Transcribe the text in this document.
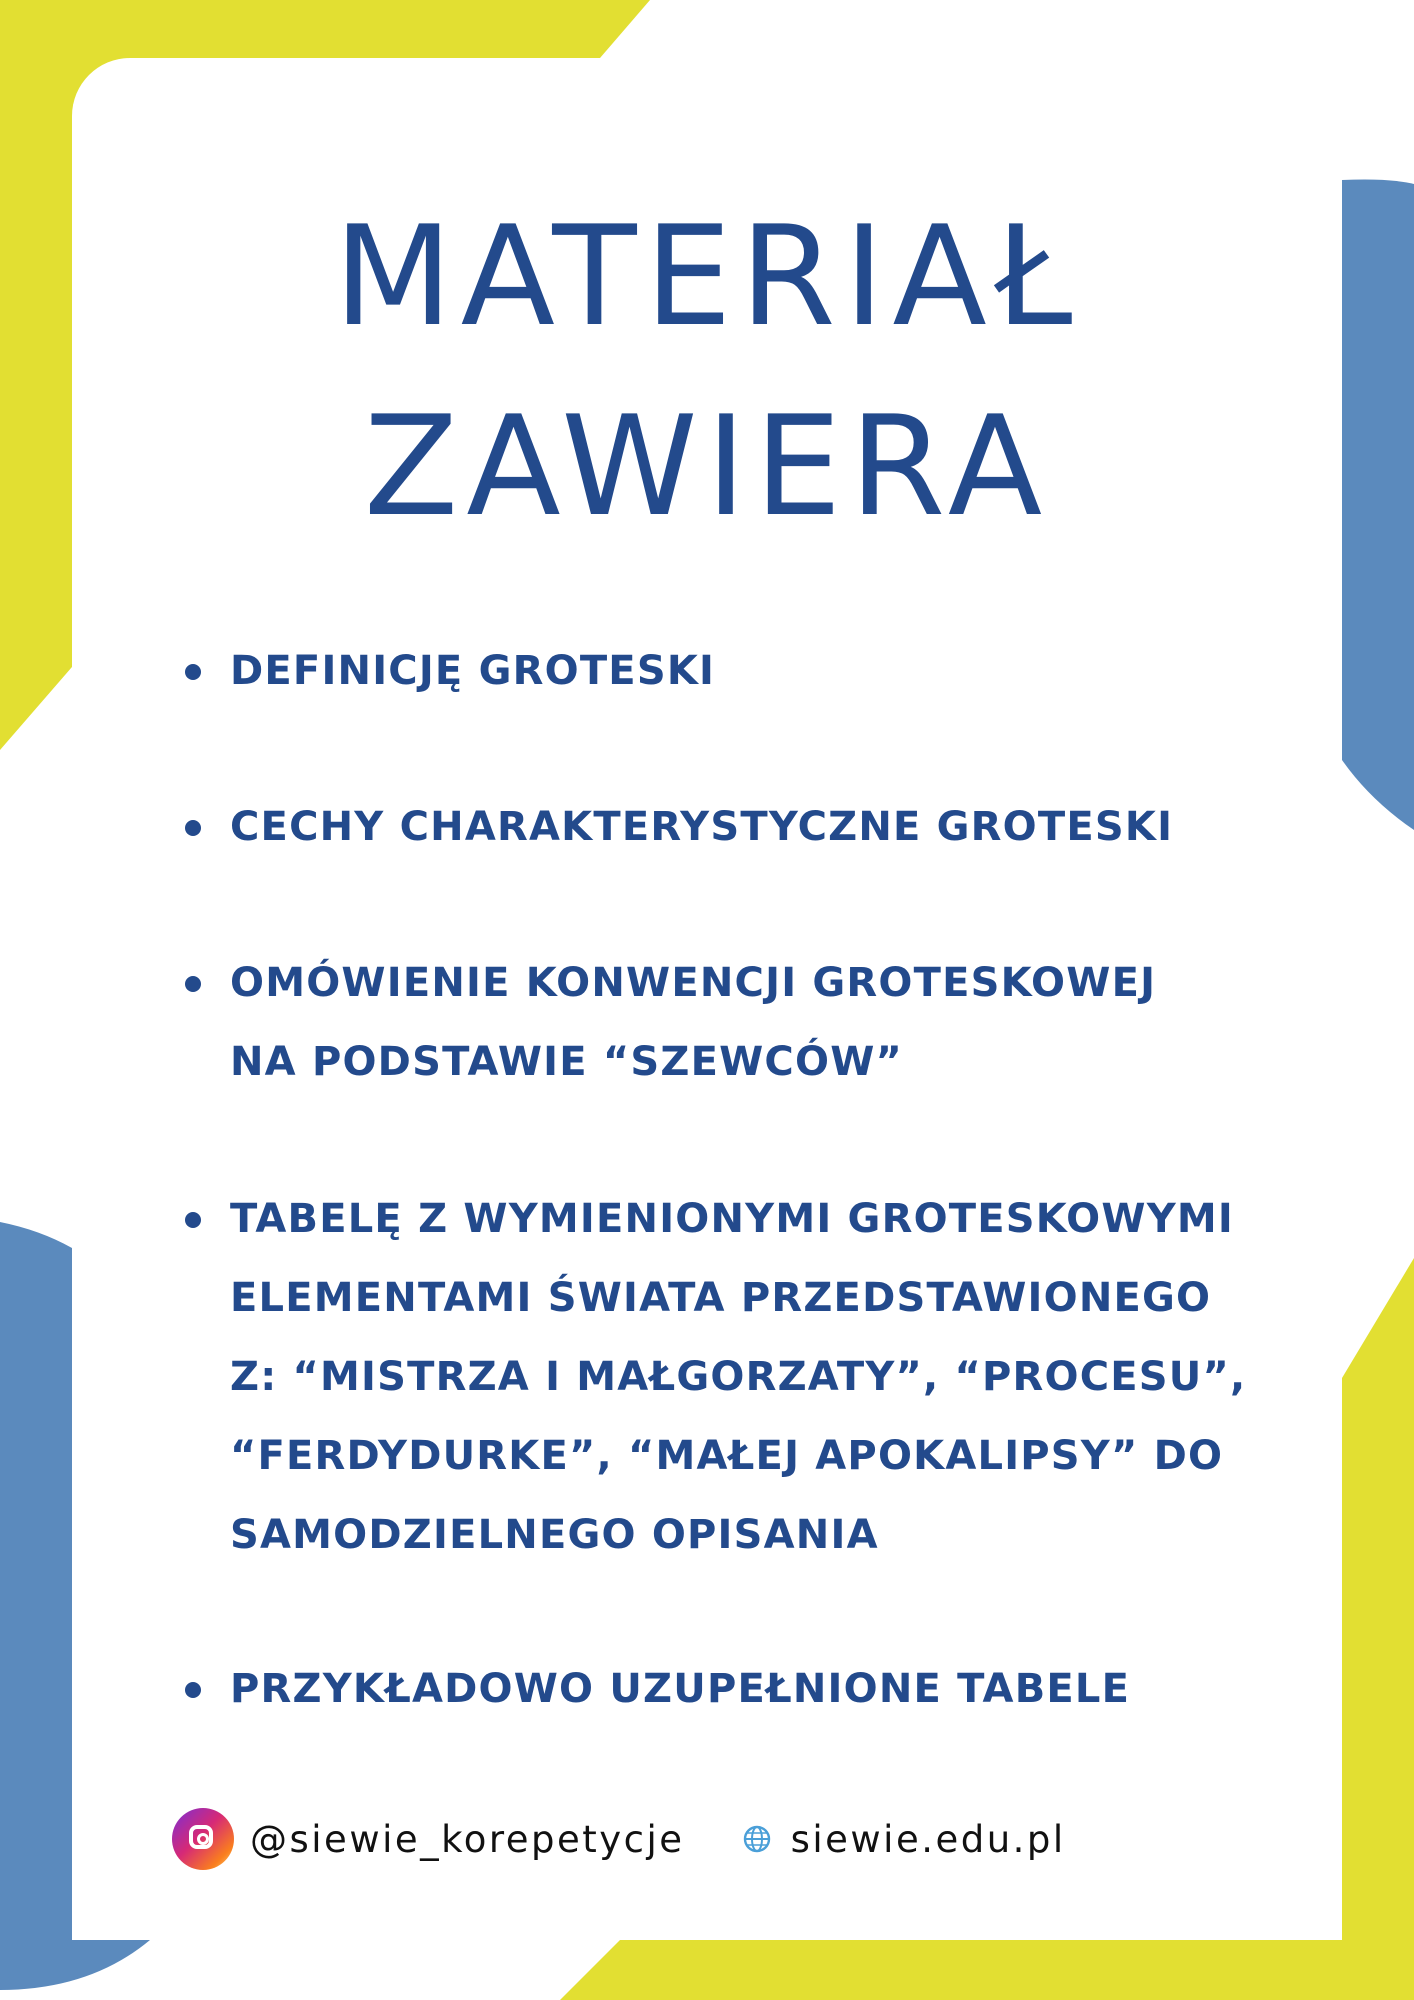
MATERIAŁ
ZAWIERA
DEFINICJĘ GROTESKI
CECHY CHARAKTERYSTYCZNE GROTESKI
OMÓWIENIE KONWENCJI GROTESKOWEJ
NA PODSTAWIE “SZEWCÓW”
TABELĘ Z WYMIENIONYMI GROTESKOWYMI
ELEMENTAMI ŚWIATA PRZEDSTAWIONEGO
Z: “MISTRZA I MAŁGORZATY”, “PROCESU”,
“FERDYDURKE”, “MAŁEJ APOKALIPSY” DO
SAMODZIELNEGO OPISANIA
PRZYKŁADOWO UZUPEŁNIONE TABELE
@siewie_korepetycje	siewie.edu.pl
